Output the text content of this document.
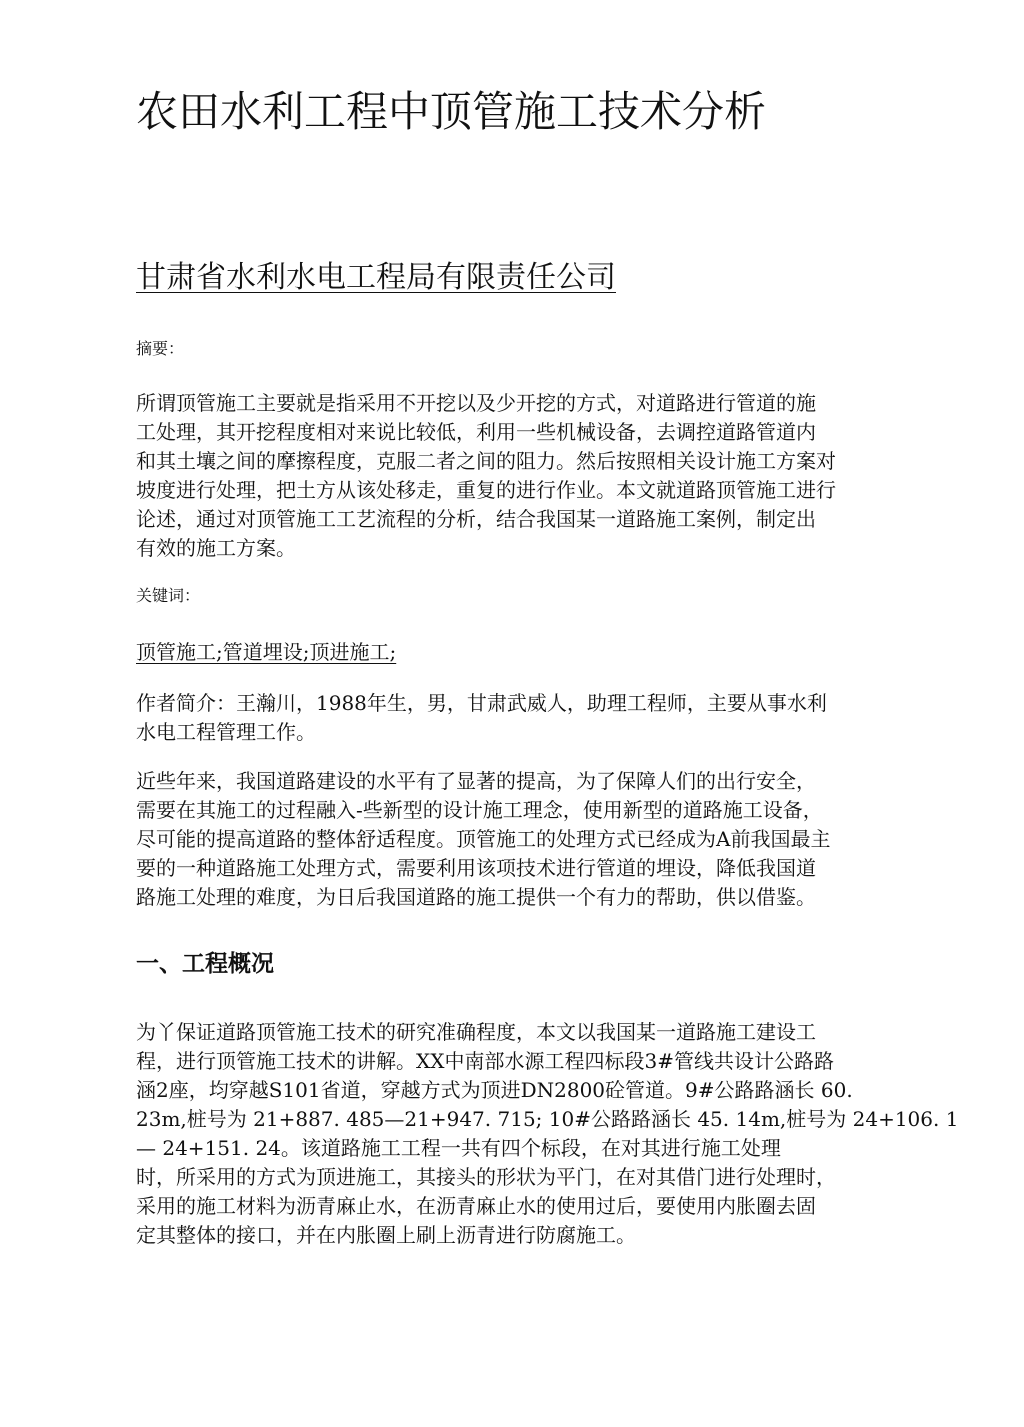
农田水利工程中顶管施工技术分析
甘肃省水利水电工程局有限责任公司

摘要：

所谓顶管施工主要就是指采用不开挖以及少开挖的方式，对道路进行管道的施
工处理，其开挖程度相对来说比较低，利用一些机械设备，去调控道路管道内
和其土壤之间的摩擦程度，克服二者之间的阻力。然后按照相关设计施工方案对
坡度进行处理，把土方从该处移走，重复的进行作业。本文就道路顶管施工进行
论述，通过对顶管施工工艺流程的分析，结合我国某一道路施工案例，制定出
有效的施工方案。

关键词：

顶管施工;管道埋设;顶进施工;

作者简介：王瀚川，1988年生，男，甘肃武威人，助理工程师，主要从事水利
水电工程管理工作。
近些年来，我国道路建设的水平有了显著的提高，为了保障人们的出行安全，
需要在其施工的过程融入-些新型的设计施工理念，使用新型的道路施工设备，
尽可能的提高道路的整体舒适程度。顶管施工的处理方式已经成为A前我国最主
要的一种道路施工处理方式，需要利用该项技术进行管道的埋设，降低我国道
路施工处理的难度，为日后我国道路的施工提供一个有力的帮助，供以借鉴。
一、工程概况
为丫保证道路顶管施工技术的研究准确程度，本文以我国某一道路施工建设工
程，进行顶管施工技术的讲解。XX中南部水源工程四标段3#管线共设计公路路
涵2座，均穿越S101省道，穿越方式为顶进DN2800砼管道。9#公路路涵长 60.
23m,桩号为 21+887. 485—21+947. 715; 10#公路路涵长 45. 14m,桩号为 24+106. 1
— 24+151. 24。该道路施工工程一共有四个标段，在对其进行施工处理
时，所采用的方式为顶进施工，其接头的形状为平门，在对其借门进行处理时，
采用的施工材料为沥青麻止水，在沥青麻止水的使用过后，要使用内胀圈去固
定其整体的接口，并在内胀圈上刷上沥青进行防腐施工。
